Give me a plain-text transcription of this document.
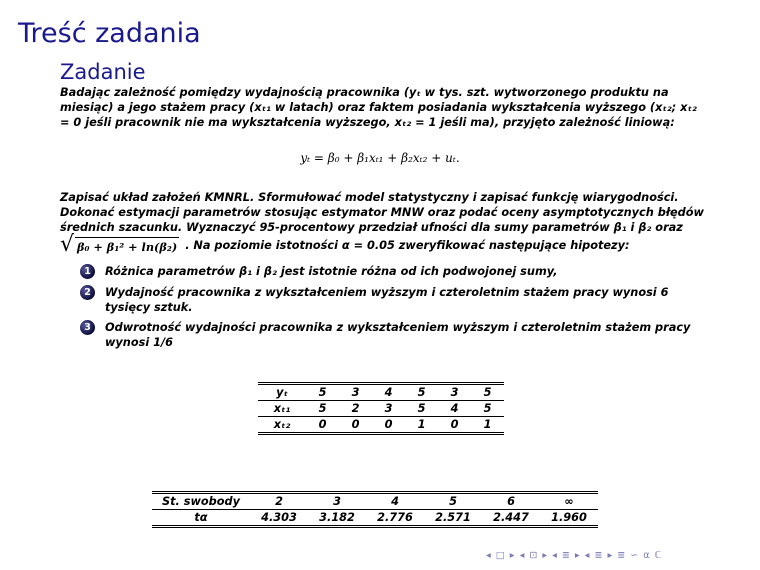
Treść zadania
Zadanie
Badając zależność pomiędzy wydajnością pracownika (yₜ w tys. szt. wytworzonego produktu na miesiąc) a jego stażem pracy (xₜ₁ w latach) oraz faktem posiadania wykształcenia wyższego (xₜ₂; xₜ₂ = 0 jeśli pracownik nie ma wykształcenia wyższego, xₜ₂ = 1 jeśli ma), przyjęto zależność liniową:
yₜ = β₀ + β₁xₜ₁ + β₂xₜ₂ + uₜ.
Zapisać układ założeń KMNRL. Sformułować model statystyczny i zapisać funkcję wiarygodności. Dokonać estymacji parametrów stosując estymator MNW oraz podać oceny asymptotycznych błędów średnich szacunku. Wyznaczyć 95-procentowy przedział ufności dla sumy parametrów β₁ i β₂ oraz
√ β₀ + β₁² + ln(β₂) . Na poziomie istotności α = 0.05 zweryfikować następujące hipotezy:
1	Różnica parametrów β₁ i β₂ jest istotnie różna od ich podwojonej sumy,
2	Wydajność pracownika z wykształceniem wyższym i czteroletnim stażem pracy wynosi 6 tysięcy sztuk.
3	Odwrotność wydajności pracownika z wykształceniem wyższym i czteroletnim stażem pracy wynosi 1/6
yₜ	5	3	4	5	3	5
xₜ₁	5	2	3	5	4	5
xₜ₂	0	0	0	1	0	1
St. swobody	2	3	4	5	6	∞
tα	4.303	3.182	2.776	2.571	2.447	1.960
◂ □ ▸ ◂ ⊡ ▸ ◂ ≣ ▸ ◂ ≣ ▸ ≣ ∽ α ℂ
